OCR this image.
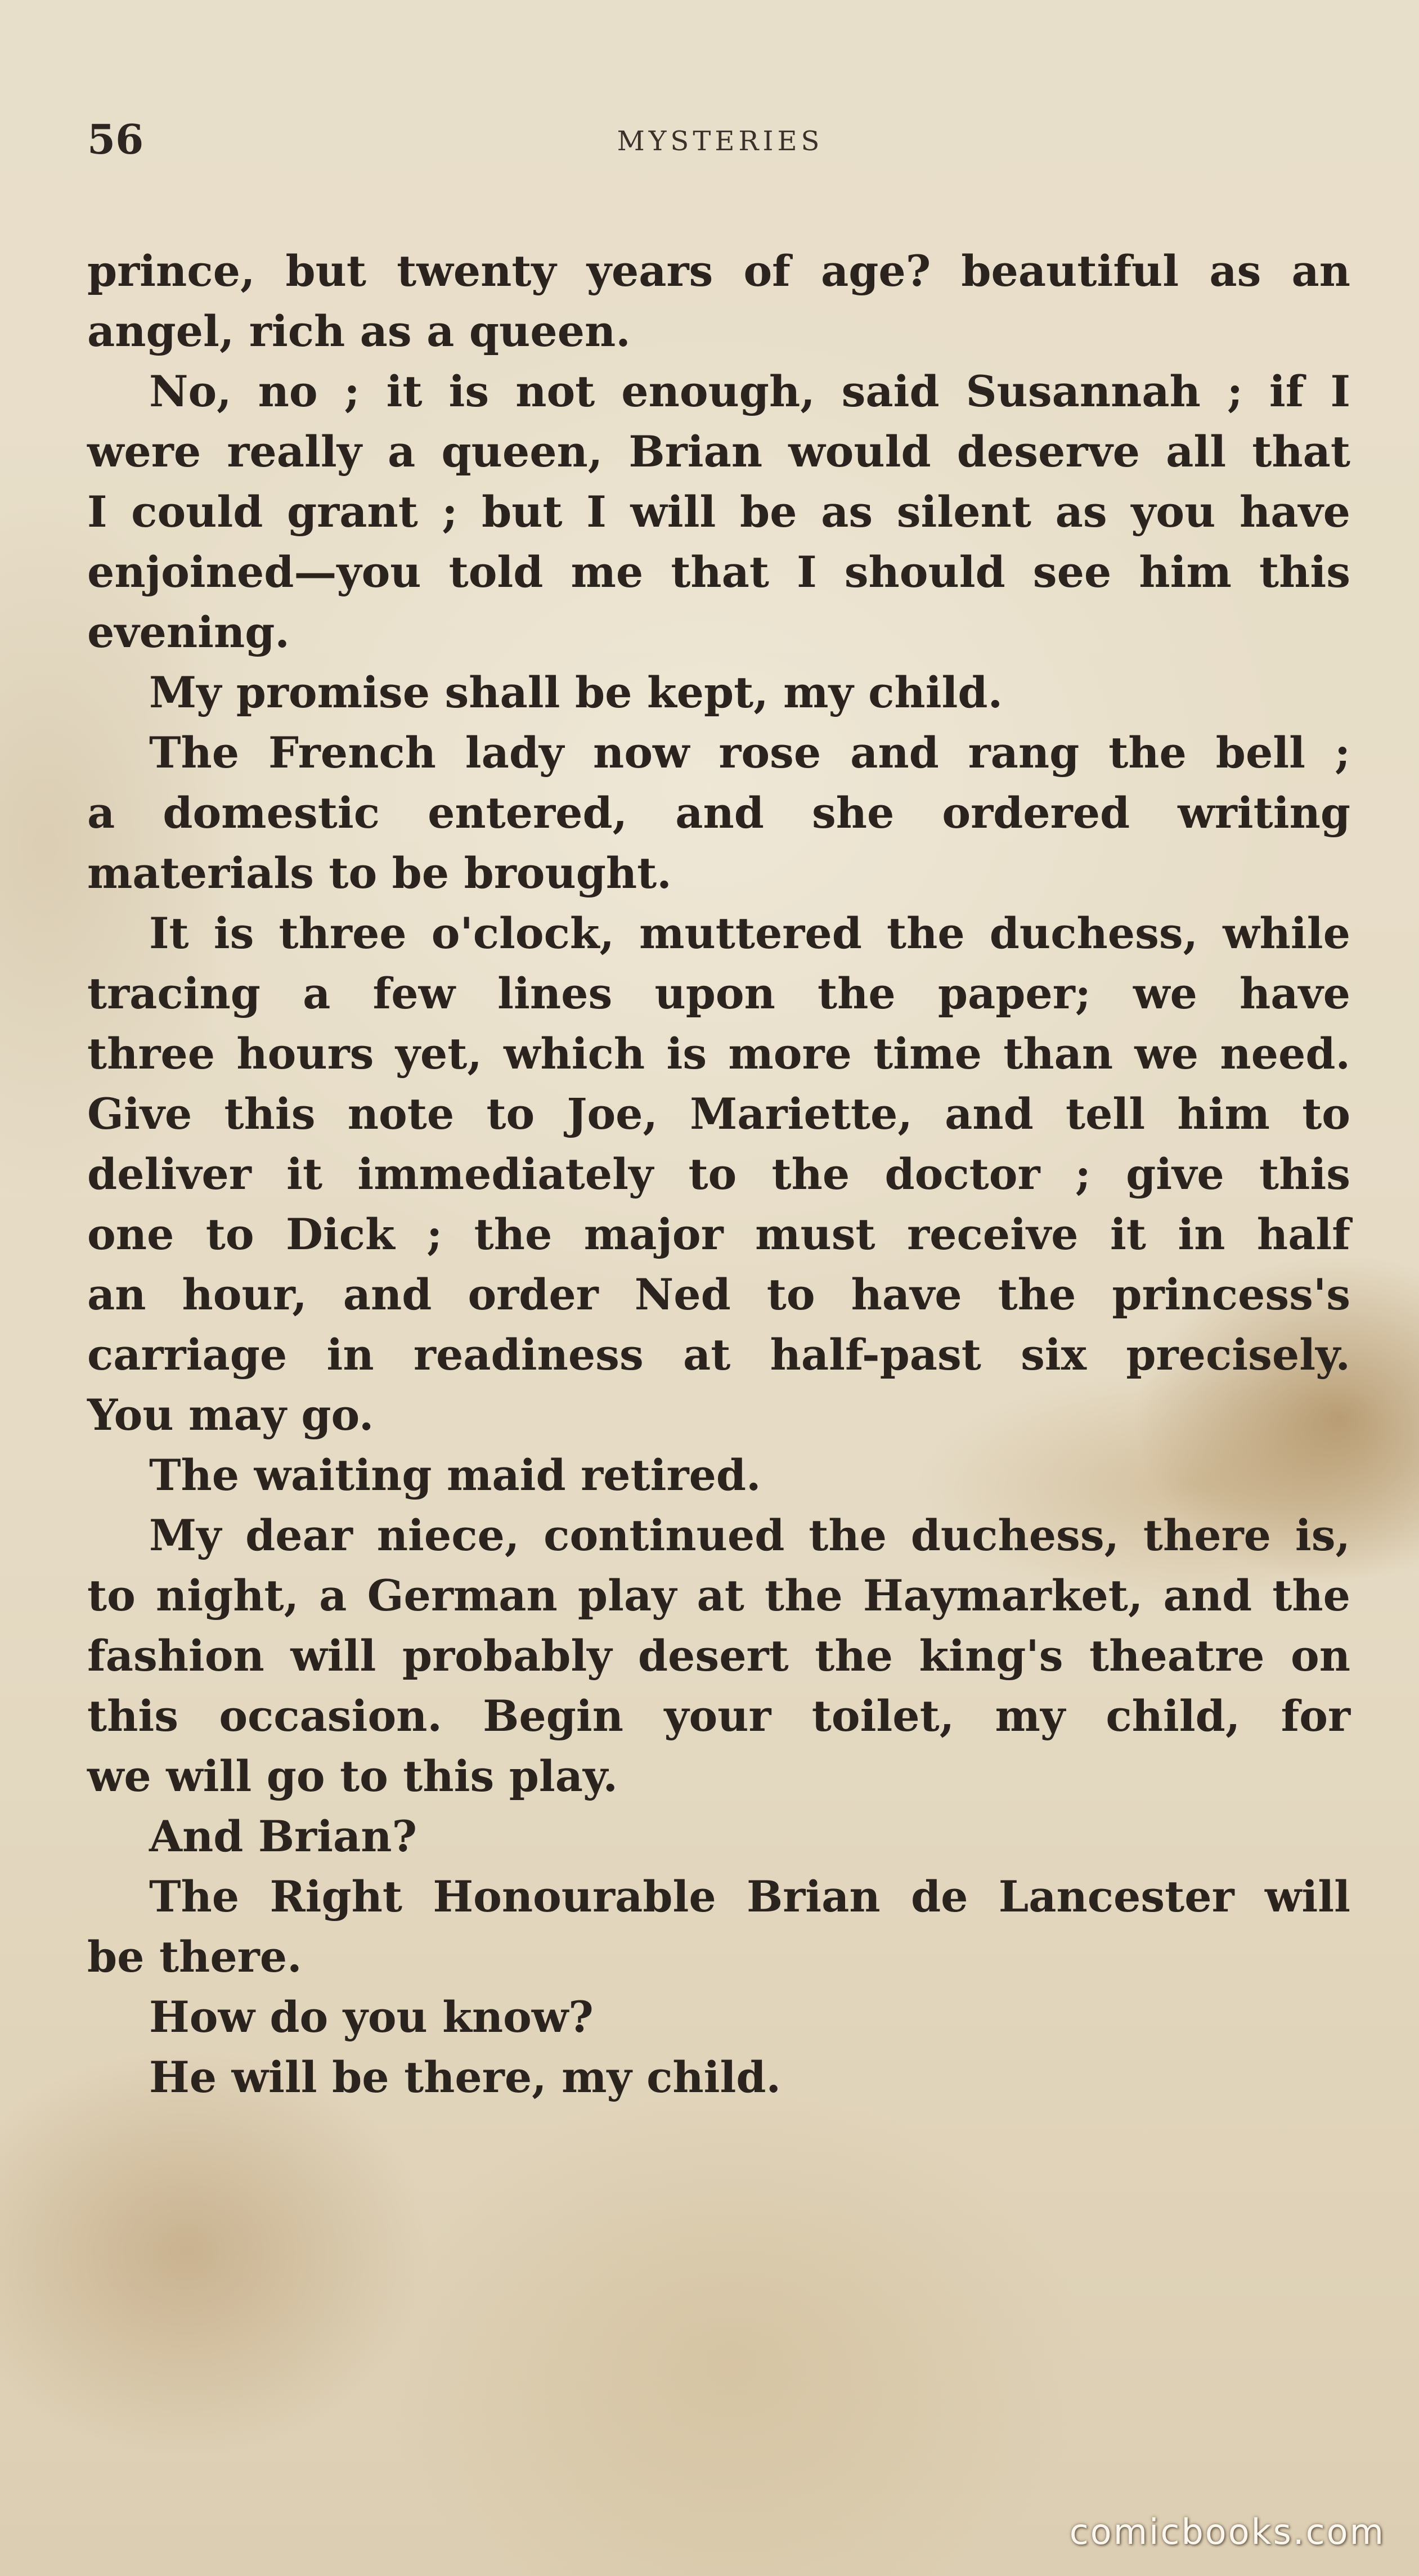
56	MYSTERIES
prince, but twenty years of age? beautiful as an
angel, rich as a queen.
No, no ; it is not enough, said Susannah ; if I
were really a queen, Brian would deserve all that
I could grant ; but I will be as silent as you have
enjoined—you told me that I should see him this
evening.
My promise shall be kept, my child.
The French lady now rose and rang the bell ;
a domestic entered, and she ordered writing
materials to be brought.
It is three o'clock, muttered the duchess, while
tracing a few lines upon the paper; we have
three hours yet, which is more time than we need.
Give this note to Joe, Mariette, and tell him to
deliver it immediately to the doctor ; give this
one to Dick ; the major must receive it in half
an hour, and order Ned to have the princess's
carriage in readiness at half-past six precisely.
You may go.
The waiting maid retired.
My dear niece, continued the duchess, there is,
to night, a German play at the Haymarket, and the
fashion will probably desert the king's theatre on
this occasion. Begin your toilet, my child, for
we will go to this play.
And Brian?
The Right Honourable Brian de Lancester will
be there.
How do you know?
He will be there, my child.
comicbooks.com
